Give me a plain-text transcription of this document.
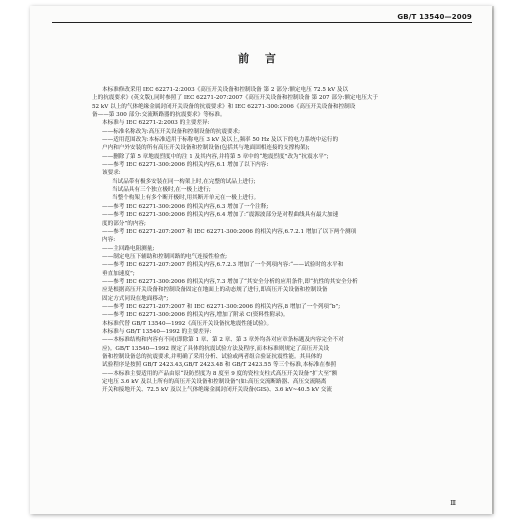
GB/T 13540—2009
前 言

本标准修改采用 IEC 62271-2:2003《高压开关设备和控制设备 第 2 部分:额定电压 72.5 kV 及以

上的抗震要求》(英文版),同时参照了 IEC 62271-207:2007《高压开关设备和控制设备 第 207 部分:额定电压大于

52 kV 以上的气体绝缘金属封闭开关设备的抗震要求》和 IEC 62271-300:2006《高压开关设备和控制设

备——第 300 部分:交流断路器的抗震要求》等标准。

本标准与 IEC 62271-2:2003 的主要差异:

——标准名称改为:高压开关设备和控制设备的抗震要求;

——适用范围改为:本标准适用于标称电压 3 kV 及以上,频率 50 Hz 及以下的电力系统中运行的

户内和户外安装的所有高压开关设备和控制设备(包括其与地面固相连接的支撑构架);

——删除了第 5 章地震烈度中的注 1 及其内容,并将第 5 章中的“地震烈度”改为“抗震水平”;

——参考 IEC 62271-300:2006 的相关内容,6.1 增加了以下内容:

该要求:

当试品带有极多安装在同一构架上时,在完整的试品上进行;

当试品具有三个独立极时,在一极上进行;

当整个构架上有多个断开极时,用其断开单元在一极上进行。

——参考 IEC 62271-300:2006 的相关内容,6.3 增加了一个注释;

——参考 IEC 62271-300:2006 的相关内容,6.4 增加了:“震源波部分是对程曲线具有最大加速

度的部分”的内容;

——参考 IEC 62271-207:2007 和 IEC 62271-300:2006 的相关内容,6.7.2.1 增加了以下两个测项

内容:

——主回路电阻测量;

——制定电压下辅助和控制回路的电气连接性检查;

——参考 IEC 62271-207:2007 的相关内容,6.7.2.3 增加了一个列项内容:“——试验时的水平和

垂直加速度”;

——参考 IEC 62271-300:2006 的相关内容,7.3 增加了“其安全分析的应用条件,即“抗性的其安全分析

应是根据高压开关设备和控制设备固定在地面上的动态规了进行,即高压开关设备和控制设备

固定方式同设在地面移动”;

——参考 IEC 62271-207:2007 和 IEC 62271-300:2006 的相关内容,8 增加了一个列项“b”;

——参考 IEC 62271-300:2006 的相关内容,增加了附录 C(资料性附录)。

本标准代替 GB/T 13540—1992《高压开关设备抗地震性能试验》。

本标准与 GB/T 13540—1992 的主要差异:

——本标准结构和内容有不同(即除第 1 章、第 2 章、第 3 章外均各对应章条标题及内容完全不对

应)。GB/T 13540—1992 规定了具体的抗震试验方法及程序,而本标准则规定了高压开关设

备和控制设备总的抗震要求,并明确了采用分析、试验或两者组合验证抗震性能。其具体的

试验程序是按照 GB/T 2423.43,GB/T 2423.48 和 GB/T 2423.55 等三个标准,本标准在参照

——本标准主要适用的产品由原“设防烈度为 8 度至 9 度的瓷柱支柱式高压开关设备”扩大至“额

定电压 3.6 kV 及以上所有的高压开关设备和控制设备”(如:高压交流断路器、高压交流隔离

开关和接地开关、72.5 kV 及以上气体绝缘金属封闭开关设备(GIS)、3.6 kV~40.5 kV 交流

Ⅲ
